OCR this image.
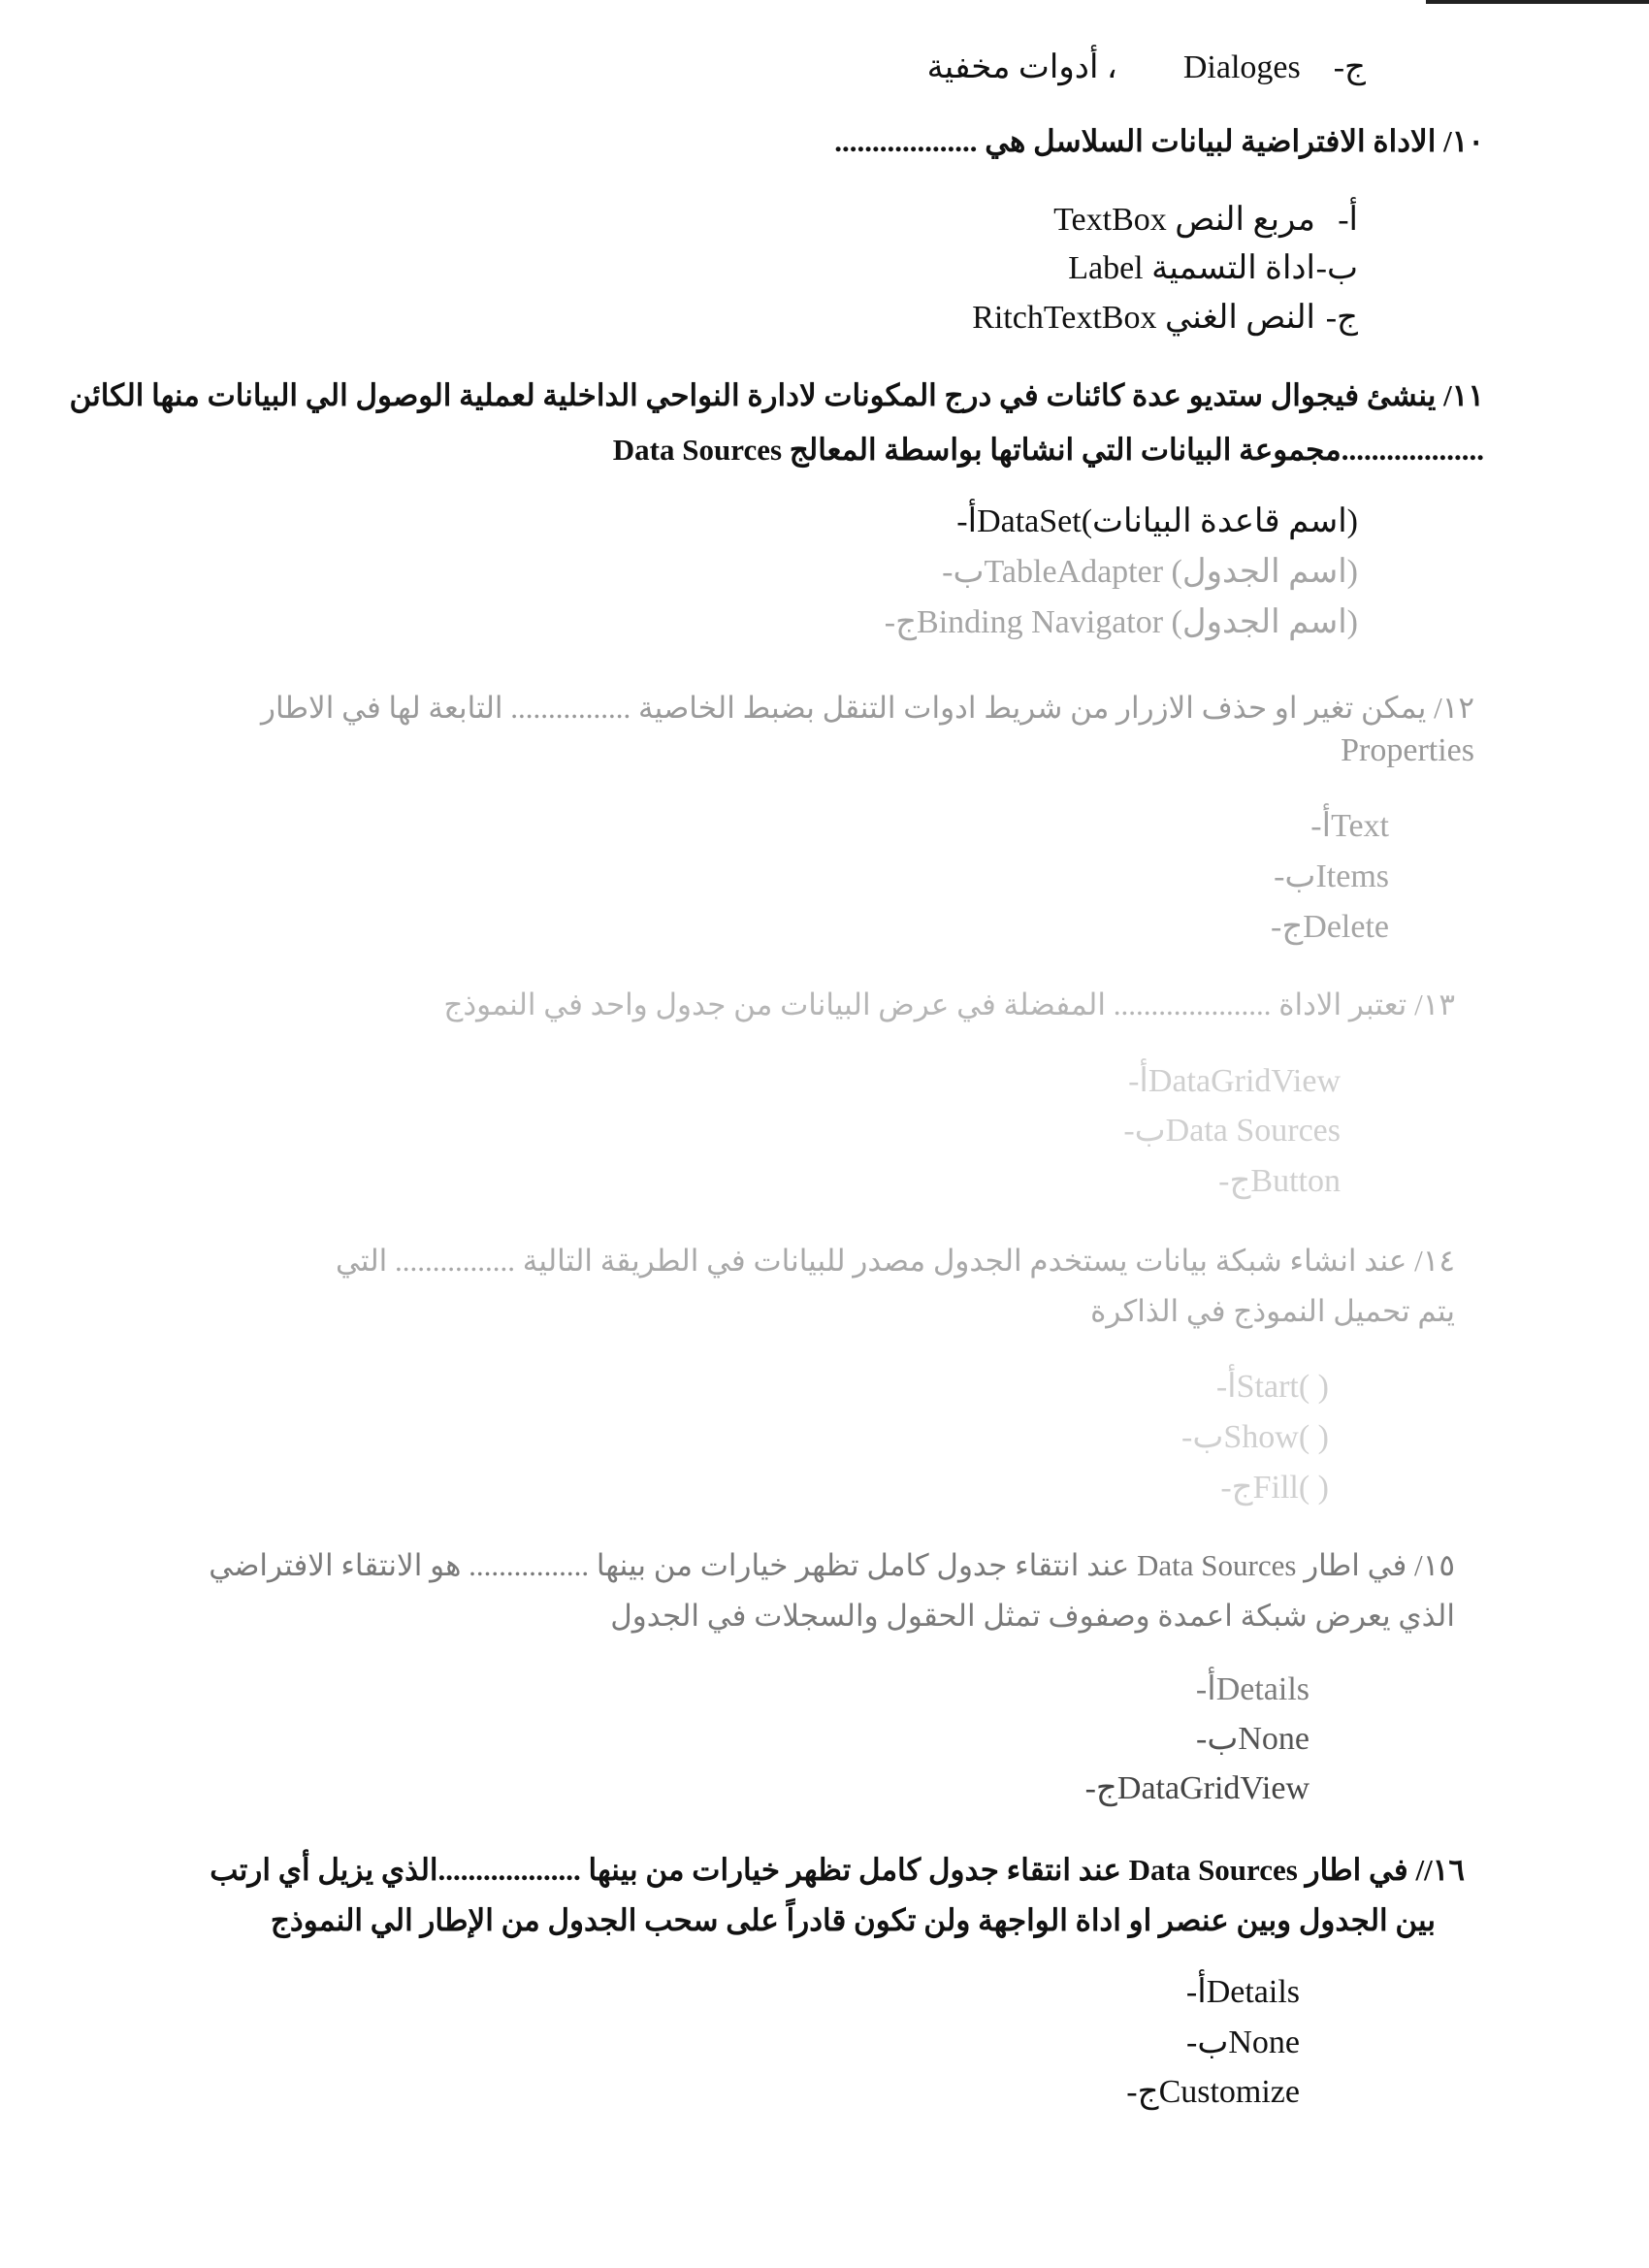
ج-    Dialoges        ، أدوات مخفية
١٠/ الاداة الافتراضية لبيانات السلاسل هي ...................
أ-مربع النص TextBox
ب-اداة التسمية Label
ج-النص الغني RitchTextBox
١١/ ينشئ فيجوال ستديو عدة كائنات في درج المكونات لادارة النواحي الداخلية لعملية الوصول الي البيانات منها الكائن
...................مجموعة البيانات التي انشاتها بواسطة المعالج Data Sources
أ-DataSet(اسم قاعدة البيانات)
ب-TableAdapter (اسم الجدول)
ج-Binding Navigator (اسم الجدول)
١٢/ يمكن تغير او حذف الازرار من شريط ادوات التنقل بضبط الخاصية ................ التابعة لها في الاطار
Properties
أ-Text
ب-Items
ج-Delete
١٣/ تعتبر الاداة ..................... المفضلة في عرض البيانات من جدول واحد في النموذج
أ-DataGridView
ب-Data Sources
ج-Button
١٤/ عند انشاء شبكة بيانات يستخدم الجدول مصدر للبيانات في الطريقة التالية ................ التي
يتم تحميل النموذج في الذاكرة
أ-Start( )
ب-Show( )
ج-Fill( )
١٥/ في اطار Data Sources عند انتقاء جدول كامل تظهر خيارات من بينها ................ هو الانتقاء الافتراضي
الذي يعرض شبكة اعمدة وصفوف تمثل الحقول والسجلات في الجدول
أ-Details
ب-None
ج-DataGridView
١٦// في اطار Data Sources عند انتقاء جدول كامل تظهر خيارات من بينها ...................الذي يزيل أي ارتب
بين الجدول وبين عنصر او اداة الواجهة ولن تكون قادراً على سحب الجدول من الإطار الي النموذج
أ-Details
ب-None
ج-Customize
